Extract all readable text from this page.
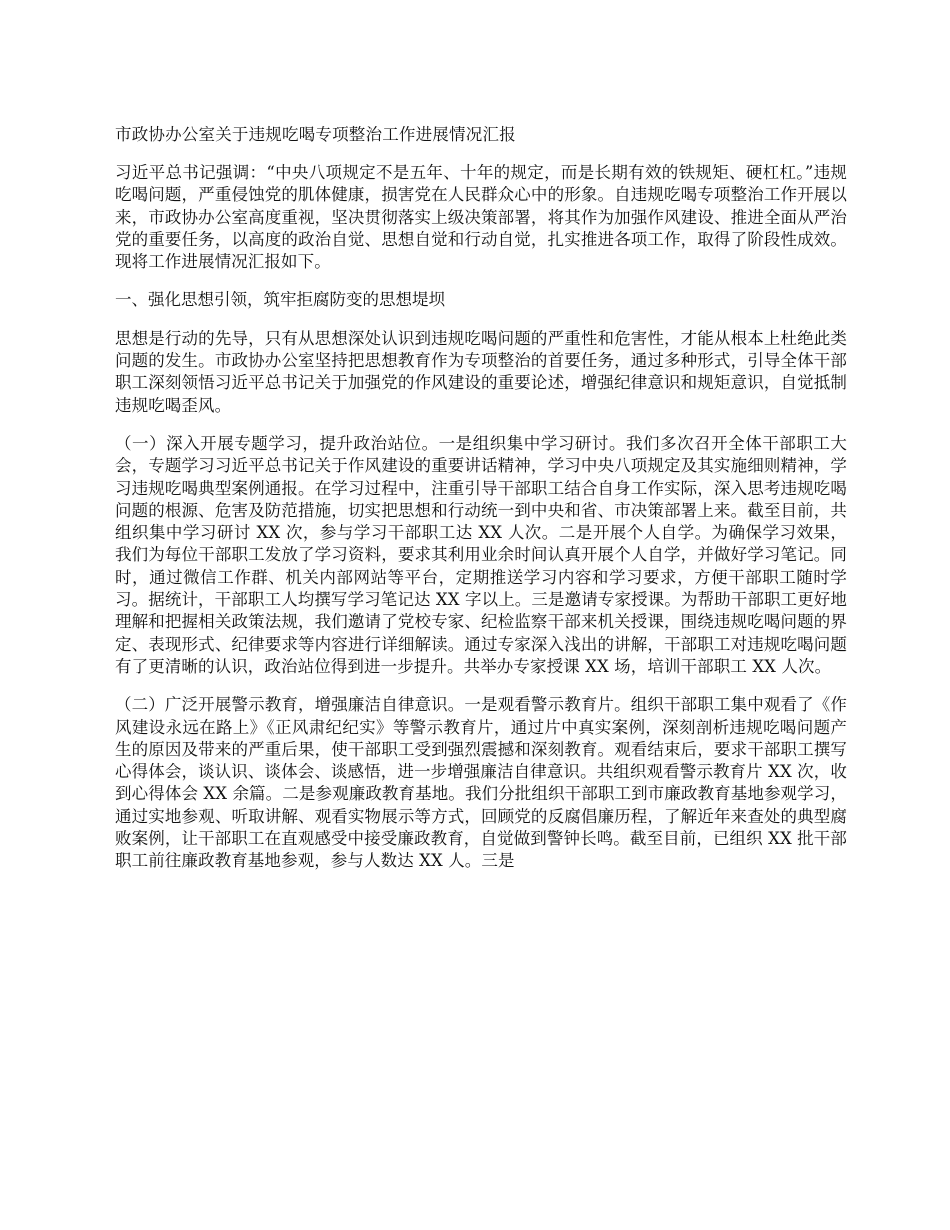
市政协办公室关于违规吃喝专项整治工作进展情况汇报

习近平总书记强调：“中央八项规定不是五年、十年的规定，而是长期有效的铁规矩、硬杠杠。”违规吃喝问题，严重侵蚀党的肌体健康，损害党在人民群众心中的形象。自违规吃喝专项整治工作开展以来，市政协办公室高度重视，坚决贯彻落实上级决策部署，将其作为加强作风建设、推进全面从严治党的重要任务，以高度的政治自觉、思想自觉和行动自觉，扎实推进各项工作，取得了阶段性成效。现将工作进展情况汇报如下。

一、强化思想引领，筑牢拒腐防变的思想堤坝

思想是行动的先导，只有从思想深处认识到违规吃喝问题的严重性和危害性，才能从根本上杜绝此类问题的发生。市政协办公室坚持把思想教育作为专项整治的首要任务，通过多种形式，引导全体干部职工深刻领悟习近平总书记关于加强党的作风建设的重要论述，增强纪律意识和规矩意识，自觉抵制违规吃喝歪风。

（一）深入开展专题学习，提升政治站位。一是组织集中学习研讨。我们多次召开全体干部职工大会，专题学习习近平总书记关于作风建设的重要讲话精神，学习中央八项规定及其实施细则精神，学习违规吃喝典型案例通报。在学习过程中，注重引导干部职工结合自身工作实际，深入思考违规吃喝问题的根源、危害及防范措施，切实把思想和行动统一到中央和省、市决策部署上来。截至目前，共组织集中学习研讨 XX 次，参与学习干部职工达 XX 人次。二是开展个人自学。为确保学习效果，我们为每位干部职工发放了学习资料，要求其利用业余时间认真开展个人自学，并做好学习笔记。同时，通过微信工作群、机关内部网站等平台，定期推送学习内容和学习要求，方便干部职工随时学习。据统计，干部职工人均撰写学习笔记达 XX 字以上。三是邀请专家授课。为帮助干部职工更好地理解和把握相关政策法规，我们邀请了党校专家、纪检监察干部来机关授课，围绕违规吃喝问题的界定、表现形式、纪律要求等内容进行详细解读。通过专家深入浅出的讲解，干部职工对违规吃喝问题有了更清晰的认识，政治站位得到进一步提升。共举办专家授课 XX 场，培训干部职工 XX 人次。

（二）广泛开展警示教育，增强廉洁自律意识。一是观看警示教育片。组织干部职工集中观看了《作风建设永远在路上》《正风肃纪纪实》等警示教育片，通过片中真实案例，深刻剖析违规吃喝问题产生的原因及带来的严重后果，使干部职工受到强烈震撼和深刻教育。观看结束后，要求干部职工撰写心得体会，谈认识、谈体会、谈感悟，进一步增强廉洁自律意识。共组织观看警示教育片 XX 次，收到心得体会 XX 余篇。二是参观廉政教育基地。我们分批组织干部职工到市廉政教育基地参观学习，通过实地参观、听取讲解、观看实物展示等方式，回顾党的反腐倡廉历程，了解近年来查处的典型腐败案例，让干部职工在直观感受中接受廉政教育，自觉做到警钟长鸣。截至目前，已组织 XX 批干部职工前往廉政教育基地参观，参与人数达 XX 人。三是
